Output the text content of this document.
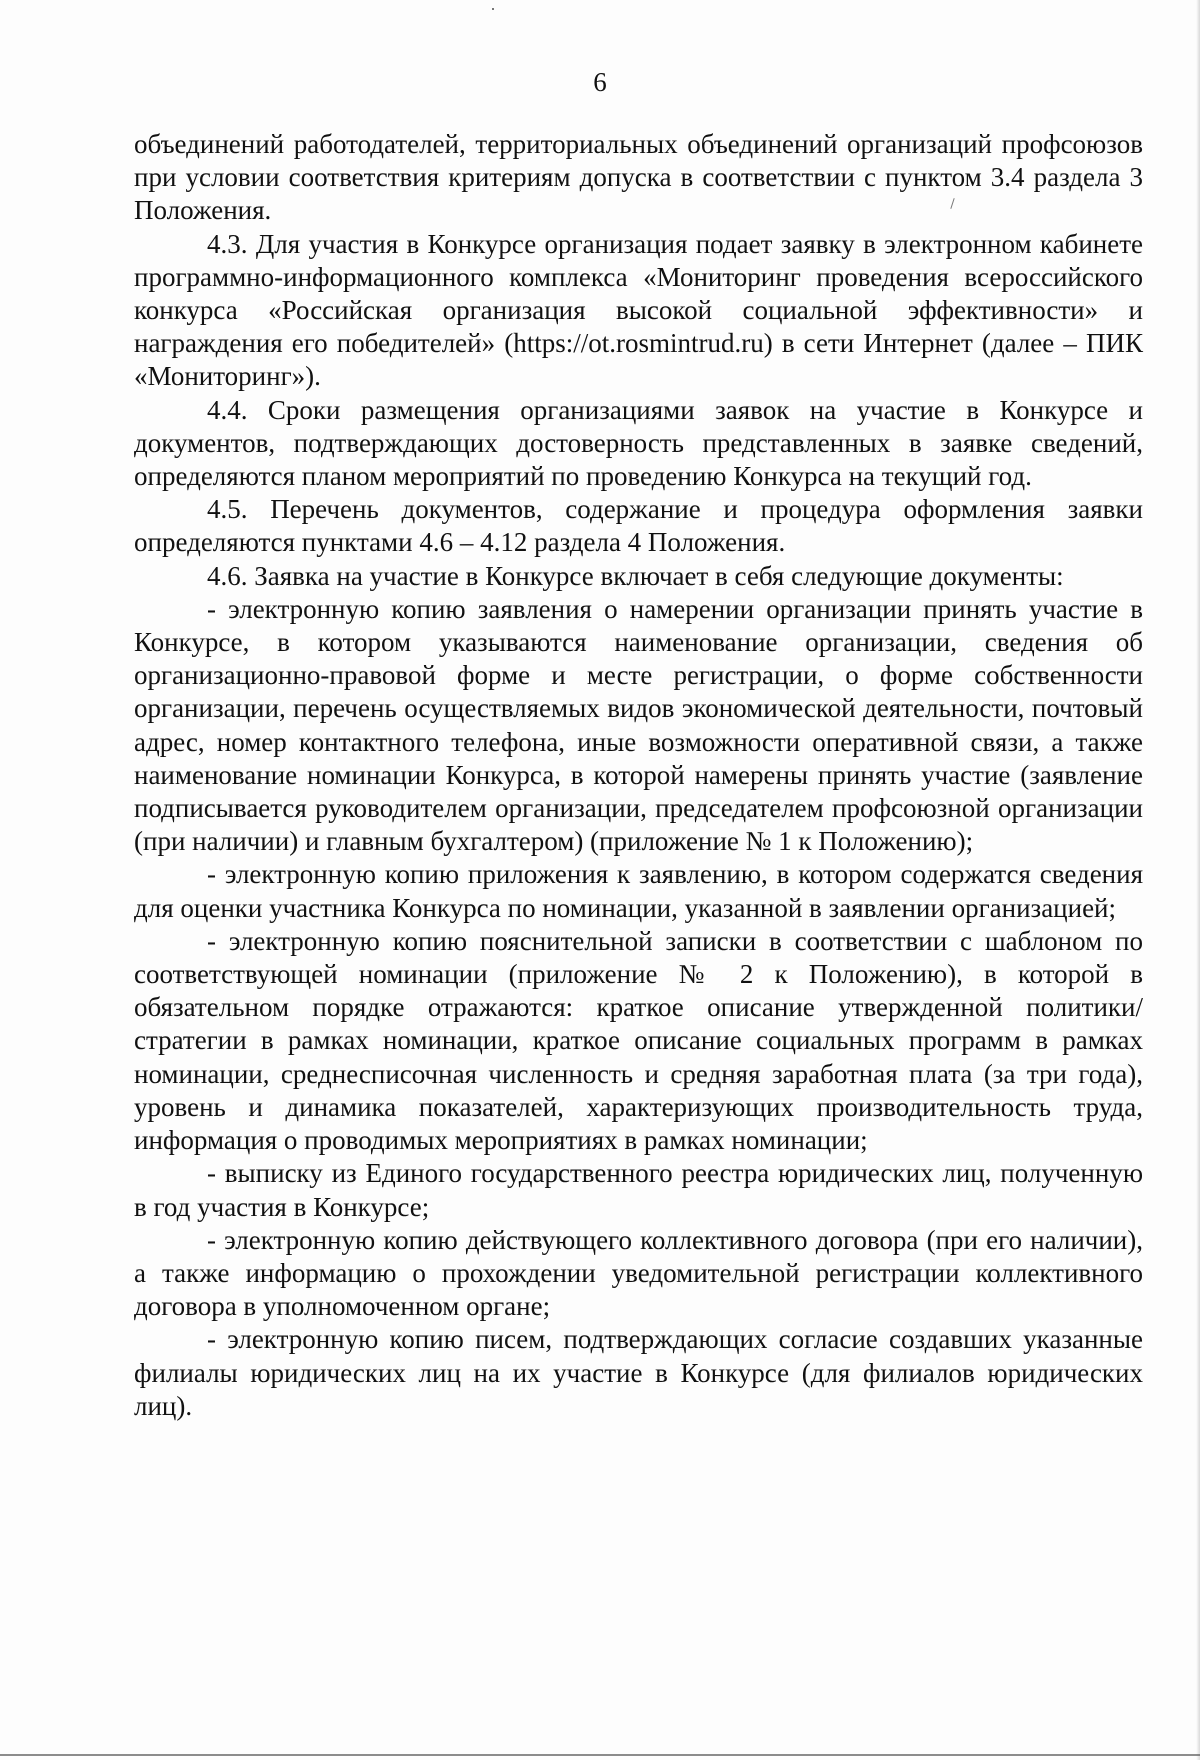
6

объединений работодателей, территориальных объединений организаций профсоюзов при условии соответствия критериям допуска в соответствии с пунктом 3.4 раздела 3 Положения.

4.3. Для участия в Конкурсе организация подает заявку в электронном кабинете программно-информационного комплекса «Мониторинг проведения всероссийского конкурса «Российская организация высокой социальной эффективности» и награждения его победителей» (https://ot.rosmintrud.ru) в сети Интернет (далее – ПИК «Мониторинг»).

4.4. Сроки размещения организациями заявок на участие в Конкурсе и документов, подтверждающих достоверность представленных в заявке сведений, определяются планом мероприятий по проведению Конкурса на текущий год.

4.5. Перечень документов, содержание и процедура оформления заявки определяются пунктами 4.6 – 4.12 раздела 4 Положения.

4.6. Заявка на участие в Конкурсе включает в себя следующие документы:

- электронную копию заявления о намерении организации принять участие в Конкурсе, в котором указываются наименование организации, сведения об организационно-правовой форме и месте регистрации, о форме собственности организации, перечень осуществляемых видов экономической деятельности, почтовый адрес, номер контактного телефона, иные возможности оперативной связи, а также наименование номинации Конкурса, в которой намерены принять участие (заявление подписывается руководителем организации, председателем профсоюзной организации (при наличии) и главным бухгалтером) (приложение № 1 к Положению);

- электронную копию приложения к заявлению, в котором содержатся сведения для оценки участника Конкурса по номинации, указанной в заявлении организацией;

- электронную копию пояснительной записки в соответствии с шаблоном по соответствующей номинации (приложение № 2 к Положению), в которой в обязательном порядке отражаются: краткое описание утвержденной политики/стратегии в рамках номинации, краткое описание социальных программ в рамках номинации, среднесписочная численность и средняя заработная плата (за три года), уровень и динамика показателей, характеризующих производительность труда, информация о проводимых мероприятиях в рамках номинации;

- выписку из Единого государственного реестра юридических лиц, полученную в год участия в Конкурсе;

- электронную копию действующего коллективного договора (при его наличии), а также информацию о прохождении уведомительной регистрации коллективного договора в уполномоченном органе;

- электронную копию писем, подтверждающих согласие создавших указанные филиалы юридических лиц на их участие в Конкурсе (для филиалов юридических лиц).
